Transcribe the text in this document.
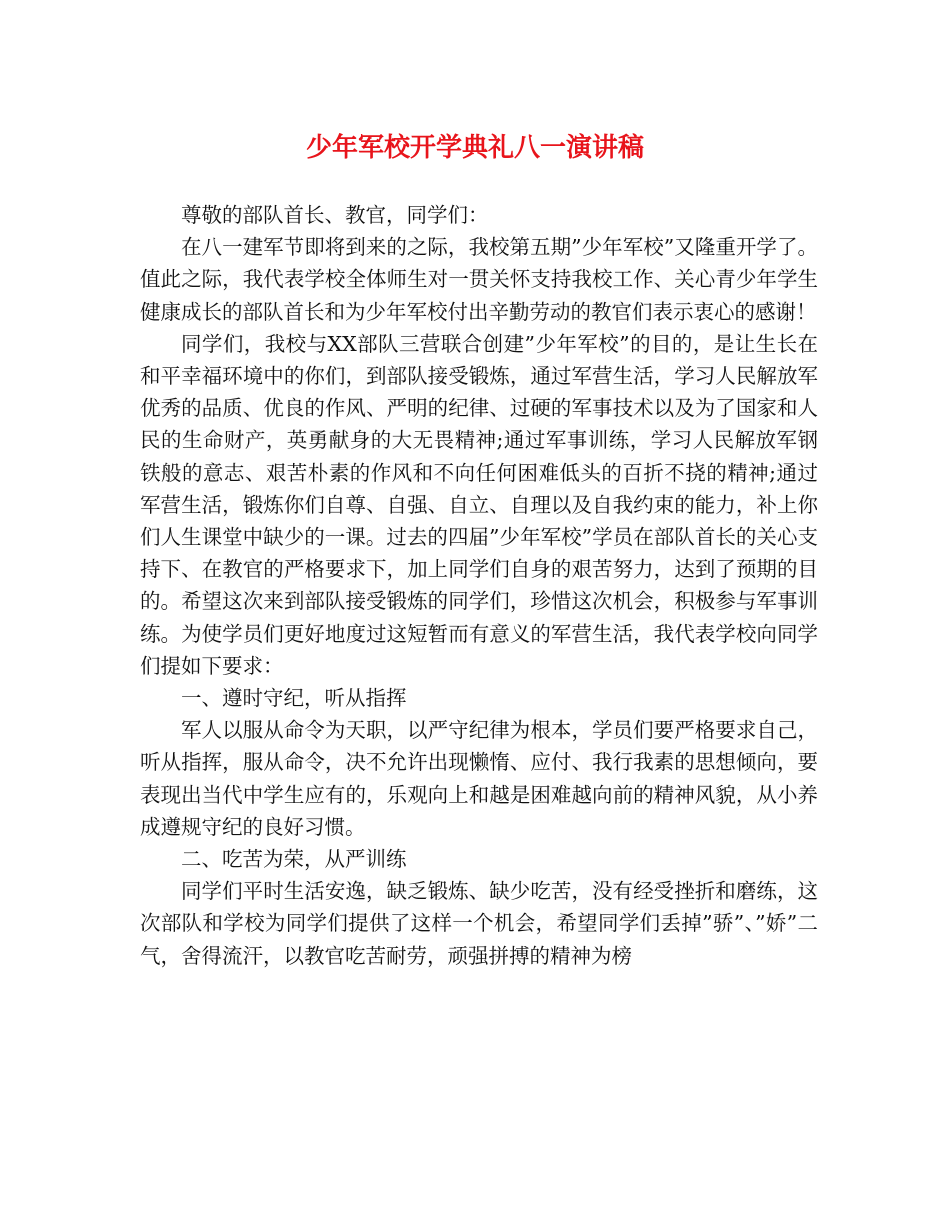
少年军校开学典礼八一演讲稿

尊敬的部队首长、教官，同学们：

在八一建军节即将到来的之际，我校第五期”少年军校”又隆重开学了。值此之际，我代表学校全体师生对一贯关怀支持我校工作、关心青少年学生健康成长的部队首长和为少年军校付出辛勤劳动的教官们表示衷心的感谢！

同学们，我校与XX部队三营联合创建”少年军校”的目的，是让生长在和平幸福环境中的你们，到部队接受锻炼，通过军营生活，学习人民解放军优秀的品质、优良的作风、严明的纪律、过硬的军事技术以及为了国家和人民的生命财产，英勇献身的大无畏精神;通过军事训练，学习人民解放军钢铁般的意志、艰苦朴素的作风和不向任何困难低头的百折不挠的精神;通过军营生活，锻炼你们自尊、自强、自立、自理以及自我约束的能力，补上你们人生课堂中缺少的一课。过去的四届”少年军校”学员在部队首长的关心支持下、在教官的严格要求下，加上同学们自身的艰苦努力，达到了预期的目的。希望这次来到部队接受锻炼的同学们，珍惜这次机会，积极参与军事训练。为使学员们更好地度过这短暂而有意义的军营生活，我代表学校向同学们提如下要求：

一、遵时守纪，听从指挥

军人以服从命令为天职，以严守纪律为根本，学员们要严格要求自己，听从指挥，服从命令，决不允许出现懒惰、应付、我行我素的思想倾向，要表现出当代中学生应有的，乐观向上和越是困难越向前的精神风貌，从小养成遵规守纪的良好习惯。

二、吃苦为荣，从严训练

同学们平时生活安逸，缺乏锻炼、缺少吃苦，没有经受挫折和磨练，这次部队和学校为同学们提供了这样一个机会，希望同学们丢掉”骄”、”娇”二气，舍得流汗，以教官吃苦耐劳，顽强拼搏的精神为榜
